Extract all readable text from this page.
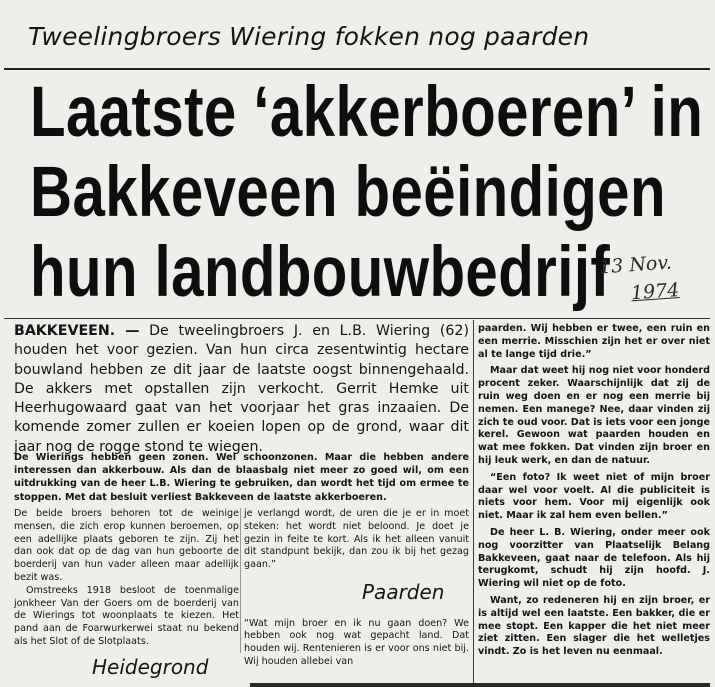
Tweelingbroers Wiering fokken nog paarden
Laatste ‘akkerboeren’ in
Bakkeveen beëindigen
hun landbouwbedrijf
13 Nov.
1974
BAKKEVEEN. — De tweelingbroers J. en L.B. Wiering (62) houden het voor gezien. Van hun circa zesentwintig hectare bouwland hebben ze dit jaar de laatste oogst binnengehaald. De akkers met opstallen zijn verkocht. Gerrit Hemke uit Heerhugowaard gaat van het voorjaar het gras inzaaien. De komende zomer zullen er koeien lopen op de grond, waar dit jaar nog de rogge stond te wiegen.
De Wierings hebben geen zonen. Wel schoonzonen. Maar die hebben andere interessen dan akkerbouw. Als dan de blaasbalg niet meer zo goed wil, om een uitdrukking van de heer L.B. Wiering te gebruiken, dan wordt het tijd om ermee te stoppen. Met dat besluit verliest Bakkeveen de laatste akkerboeren.

De beide broers behoren tot de weinige mensen, die zich erop kunnen beroemen, op een adellijke plaats geboren te zijn. Zij het dan ook dat op de dag van hun geboorte de boerderij van hun vader alleen maar adellijk bezit was.

Omstreeks 1918 besloot de toenmalige jonkheer Van der Goers om de boerderij van de Wierings tot woonplaats te kiezen. Het pand aan de Foarwurkerwei staat nu bekend als het Slot of de Slotplaats.

je verlangd wordt, de uren die je er in moet steken: het wordt niet beloond. Je doet je gezin in feite te kort. Als ik het alleen vanuit dit standpunt bekijk, dan zou ik bij het gezag gaan.”

Paarden

“Wat mijn broer en ik nu gaan doen? We hebben ook nog wat gepacht land. Dat houden wij. Rentenieren is er voor ons niet bij. Wij houden allebei van

Heidegrond

paarden. Wij hebben er twee, een ruin en een merrie. Misschien zijn het er over niet al te lange tijd drie.”

Maar dat weet hij nog niet voor honderd procent zeker. Waarschijnlijk dat zij de ruin weg doen en er nog een merrie bij nemen. Een manege? Nee, daar vinden zij zich te oud voor. Dat is iets voor een jonge kerel. Gewoon wat paarden houden en wat mee fokken. Dat vinden zijn broer en hij leuk werk, en dan de natuur.

“Een foto? Ik weet niet of mijn broer daar wel voor voelt. Al die publiciteit is niets voor hem. Voor mij eigenlijk ook niet. Maar ik zal hem even bellen.”

De heer L. B. Wiering, onder meer ook nog voorzitter van Plaatselijk Belang Bakkeveen, gaat naar de telefoon. Als hij terugkomt, schudt hij zijn hoofd. J. Wiering wil niet op de foto.

Want, zo redeneren hij en zijn broer, er is altijd wel een laatste. Een bakker, die er mee stopt. Een kapper die het niet meer ziet zitten. Een slager die het welletjes vindt. Zo is het leven nu eenmaal.
